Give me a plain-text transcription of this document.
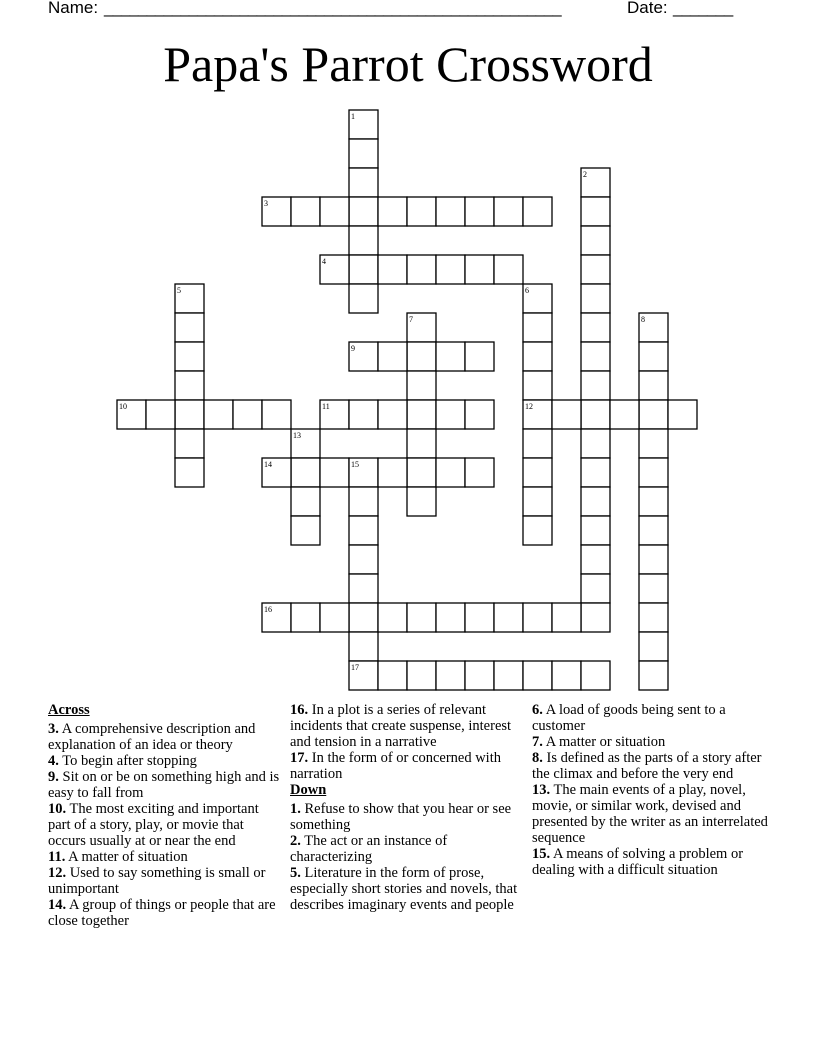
Name: ______________________________________________________	Date: _______
Papa's Parrot Crossword
1
2
3
4
5	6
7	8
9
10	11	12
13
14	15
16
17
Across
3. A comprehensive description and explanation of an idea or theory
4. To begin after stopping
9. Sit on or be on something high and is easy to fall from
10. The most exciting and important part of a story, play, or movie that occurs usually at or near the end
11. A matter of situation
12. Used to say something is small or unimportant
14. A group of things or people that are close together
16. In a plot is a series of relevant incidents that create suspense, interest and tension in a narrative
17. In the form of or concerned with narration
Down
1. Refuse to show that you hear or see something
2. The act or an instance of characterizing
5. Literature in the form of prose, especially short stories and novels, that describes imaginary events and people
6. A load of goods being sent to a customer
7. A matter or situation
8. Is defined as the parts of a story after the climax and before the very end
13. The main events of a play, novel, movie, or similar work, devised and presented by the writer as an interrelated sequence
15. A means of solving a problem or dealing with a difficult situation
